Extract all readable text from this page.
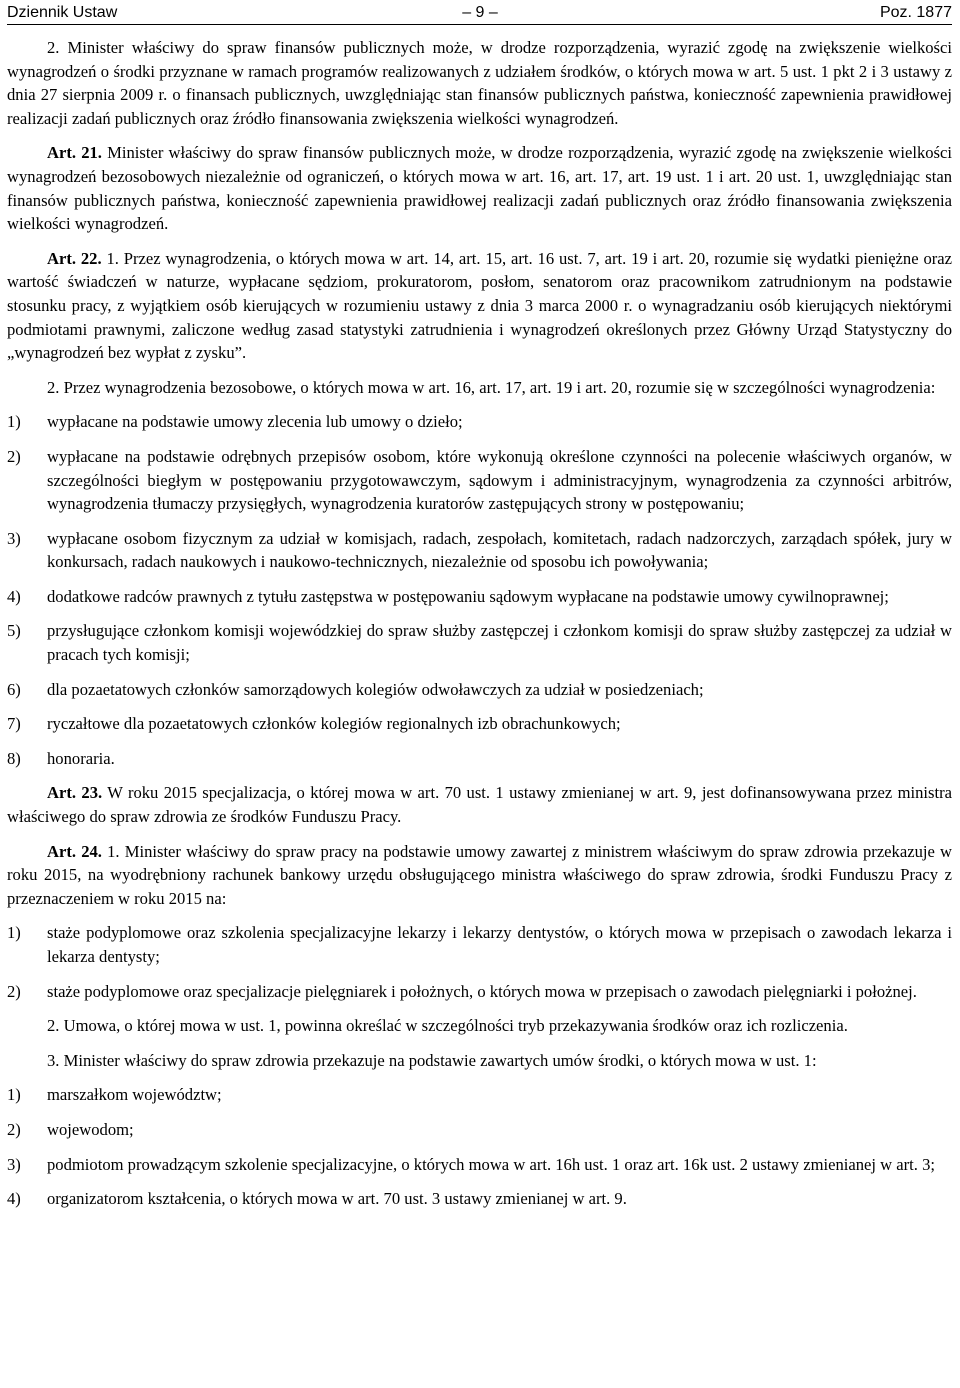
Dziennik Ustaw	– 9 –	Poz. 1877

2. Minister właściwy do spraw finansów publicznych może, w drodze rozporządzenia, wyrazić zgodę na zwiększenie wielkości wynagrodzeń o środki przyznane w ramach programów realizowanych z udziałem środków, o których mowa w art. 5 ust. 1 pkt 2 i 3 ustawy z dnia 27 sierpnia 2009 r. o finansach publicznych, uwzględniając stan finansów publicznych państwa, konieczność zapewnienia prawidłowej realizacji zadań publicznych oraz źródło finansowania zwiększenia wielkości wynagrodzeń.

Art. 21. Minister właściwy do spraw finansów publicznych może, w drodze rozporządzenia, wyrazić zgodę na zwiększenie wielkości wynagrodzeń bezosobowych niezależnie od ograniczeń, o których mowa w art. 16, art. 17, art. 19 ust. 1 i art. 20 ust. 1, uwzględniając stan finansów publicznych państwa, konieczność zapewnienia prawidłowej realizacji zadań publicznych oraz źródło finansowania zwiększenia wielkości wynagrodzeń.

Art. 22. 1. Przez wynagrodzenia, o których mowa w art. 14, art. 15, art. 16 ust. 7, art. 19 i art. 20, rozumie się wydatki pieniężne oraz wartość świadczeń w naturze, wypłacane sędziom, prokuratorom, posłom, senatorom oraz pracownikom zatrudnionym na podstawie stosunku pracy, z wyjątkiem osób kierujących w rozumieniu ustawy z dnia 3 marca 2000 r. o wynagradzaniu osób kierujących niektórymi podmiotami prawnymi, zaliczone według zasad statystyki zatrudnienia i wynagrodzeń określonych przez Główny Urząd Statystyczny do „wynagrodzeń bez wypłat z zysku”.

2. Przez wynagrodzenia bezosobowe, o których mowa w art. 16, art. 17, art. 19 i art. 20, rozumie się w szczególności wynagrodzenia:

1)	wypłacane na podstawie umowy zlecenia lub umowy o dzieło;
2)	wypłacane na podstawie odrębnych przepisów osobom, które wykonują określone czynności na polecenie właściwych organów, w szczególności biegłym w postępowaniu przygotowawczym, sądowym i administracyjnym, wynagrodzenia za czynności arbitrów, wynagrodzenia tłumaczy przysięgłych, wynagrodzenia kuratorów zastępujących strony w postępowaniu;
3)	wypłacane osobom fizycznym za udział w komisjach, radach, zespołach, komitetach, radach nadzorczych, zarządach spółek, jury w konkursach, radach naukowych i naukowo-technicznych, niezależnie od sposobu ich powoływania;
4)	dodatkowe radców prawnych z tytułu zastępstwa w postępowaniu sądowym wypłacane na podstawie umowy cywilnoprawnej;
5)	przysługujące członkom komisji wojewódzkiej do spraw służby zastępczej i członkom komisji do spraw służby zastępczej za udział w pracach tych komisji;
6)	dla pozaetatowych członków samorządowych kolegiów odwoławczych za udział w posiedzeniach;
7)	ryczałtowe dla pozaetatowych członków kolegiów regionalnych izb obrachunkowych;
8)	honoraria.

Art. 23. W roku 2015 specjalizacja, o której mowa w art. 70 ust. 1 ustawy zmienianej w art. 9, jest dofinansowywana przez ministra właściwego do spraw zdrowia ze środków Funduszu Pracy.

Art. 24. 1. Minister właściwy do spraw pracy na podstawie umowy zawartej z ministrem właściwym do spraw zdrowia przekazuje w roku 2015, na wyodrębniony rachunek bankowy urzędu obsługującego ministra właściwego do spraw zdrowia, środki Funduszu Pracy z przeznaczeniem w roku 2015 na:

1)	staże podyplomowe oraz szkolenia specjalizacyjne lekarzy i lekarzy dentystów, o których mowa w przepisach o zawodach lekarza i lekarza dentysty;
2)	staże podyplomowe oraz specjalizacje pielęgniarek i położnych, o których mowa w przepisach o zawodach pielęgniarki i położnej.

2. Umowa, o której mowa w ust. 1, powinna określać w szczególności tryb przekazywania środków oraz ich rozliczenia.

3. Minister właściwy do spraw zdrowia przekazuje na podstawie zawartych umów środki, o których mowa w ust. 1:

1)	marszałkom województw;
2)	wojewodom;
3)	podmiotom prowadzącym szkolenie specjalizacyjne, o których mowa w art. 16h ust. 1 oraz art. 16k ust. 2 ustawy zmienianej w art. 3;
4)	organizatorom kształcenia, o których mowa w art. 70 ust. 3 ustawy zmienianej w art. 9.
